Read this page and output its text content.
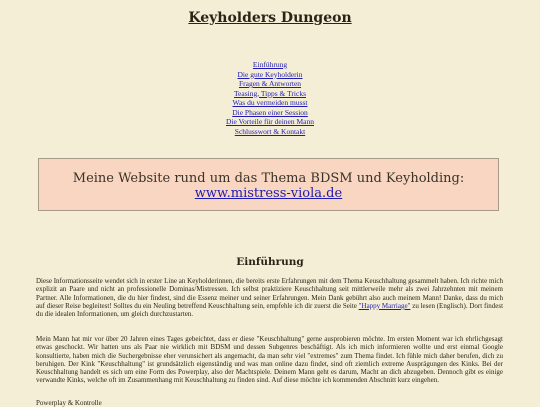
Keyholders Dungeon
Einführung
Die gute Keyholderin
Fragen & Antworten
Teasing, Tipps & Tricks
Was du vermeiden musst
Die Phasen einer Session
Die Vorteile für deinen Mann
Schlusswort & Kontakt
Meine Website rund um das Thema BDSM und Keyholding:
www.mistress-viola.de
Einführung

Diese Informationsseite wendet sich in erster Line an Keyholderinnen, die bereits erste Erfahrungen mit dem Thema Keuschhaltung gesammelt haben. Ich richte mich explizit an Paare und nicht an professionelle Dominas/Mistressen. Ich selbst praktiziere Keuschhaltung seit mittlerweile mehr als zwei Jahrzehnten mit meinem Partner. Alle Informationen, die du hier findest, sind die Essenz meiner und seiner Erfahrungen. Mein Dank gebührt also auch meinem Mann! Danke, dass du mich auf dieser Reise begleitest! Solltes du ein Neuling betreffend Keuschhaltung sein, empfehle ich dir zuerst die Seite "Happy Marriage" zu lesen (Englisch). Dort findest du die idealen Informationen, um gleich durchzustarten.

Mein Mann hat mir vor über 20 Jahren eines Tages gebeichtet, dass er diese "Keuschhaltung" gerne ausprobieren möchte. Im ersten Moment war ich ehrlichgesagt etwas geschockt. Wir hatten uns als Paar nie wirklich mit BDSM und dessen Subgenres beschäftigt. Als ich mich informieren wollte und erst einmal Google konsultierte, haben mich die Suchergebnisse eher verunsichert als angemacht, da man sehr viel "extremes" zum Thema findet. Ich fühle mich daher berufen, dich zu beruhigen. Der Kink "Keuschhaltung" ist grundsätzlich eigenständig und was man online dazu findet, sind oft ziemlich extreme Ausprägungen des Kinks. Bei der Keuschhaltung handelt es sich um eine Form des Powerplay, also der Machtspiele. Deinem Mann geht es darum, Macht an dich abzugeben. Dennoch gibt es einige verwandte Kinks, welche oft im Zusammenhang mit Keuschhaltung zu finden sind. Auf diese möchte ich kommenden Abschnitt kurz eingehen.

Powerplay & Kontrolle
